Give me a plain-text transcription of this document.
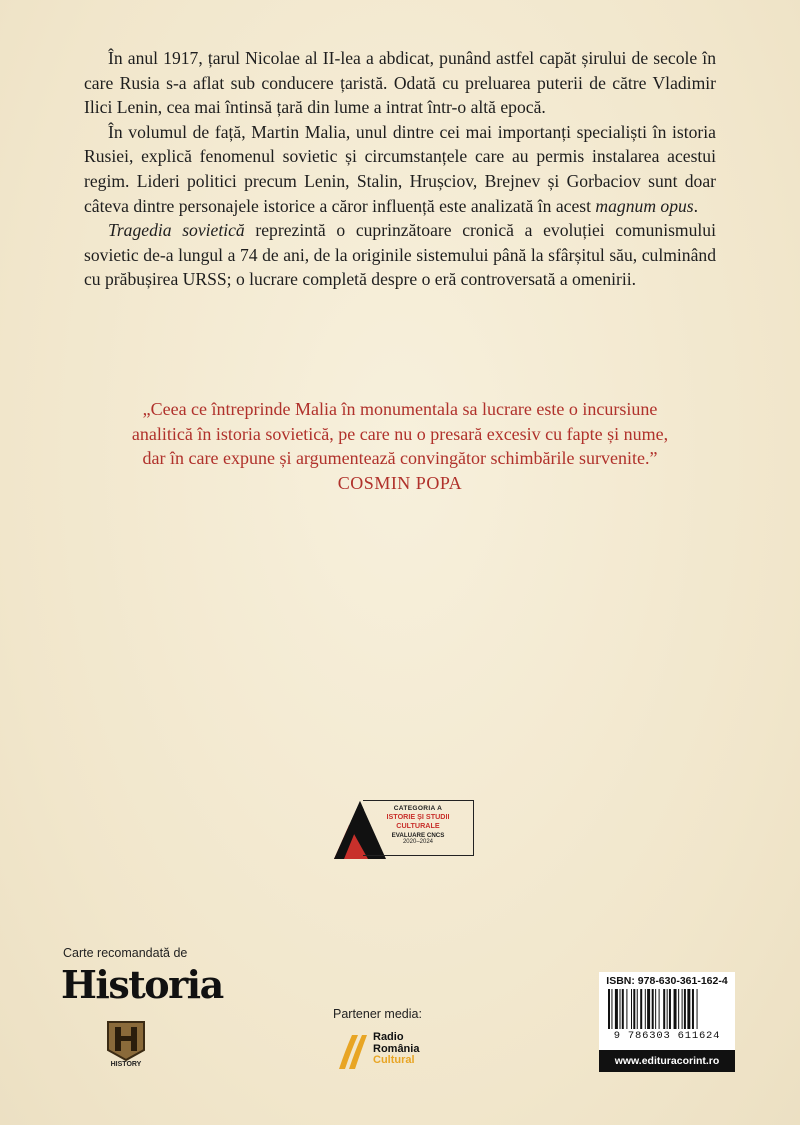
În anul 1917, țarul Nicolae al II-lea a abdicat, punând astfel capăt șirului de secole în care Rusia s-a aflat sub conducere țaristă. Odată cu preluarea puterii de către Vladimir Ilici Lenin, cea mai întinsă țară din lume a intrat într-o altă epocă.

În volumul de față, Martin Malia, unul dintre cei mai importanți specialiști în istoria Rusiei, explică fenomenul sovietic și circumstanțele care au permis instalarea acestui regim. Lideri politici precum Lenin, Stalin, Hrușciov, Brejnev și Gorbaciov sunt doar câteva dintre personajele istorice a căror influență este analizată în acest magnum opus.

Tragedia sovietică reprezintă o cuprinzătoare cronică a evoluției comunismului sovietic de-a lungul a 74 de ani, de la originile sistemului până la sfârșitul său, culminând cu prăbușirea URSS; o lucrare completă despre o eră controversată a omenirii.

„Ceea ce întreprinde Malia în monumentala sa lucrare este o incursiune
analitică în istoria sovietică, pe care nu o presară excesiv cu fapte și nume,
dar în care expune și argumentează convingător schimbările survenite.”
COSMIN POPA
CATEGORIA A
ISTORIE ȘI STUDII
CULTURALE
EVALUARE CNCS
2020–2024
Carte recomandată de
Historia
HISTORY
Partener media:
Radio
România
Cultural
ISBN: 978-630-361-162-4
9 786303 611624
www.edituracorint.ro
